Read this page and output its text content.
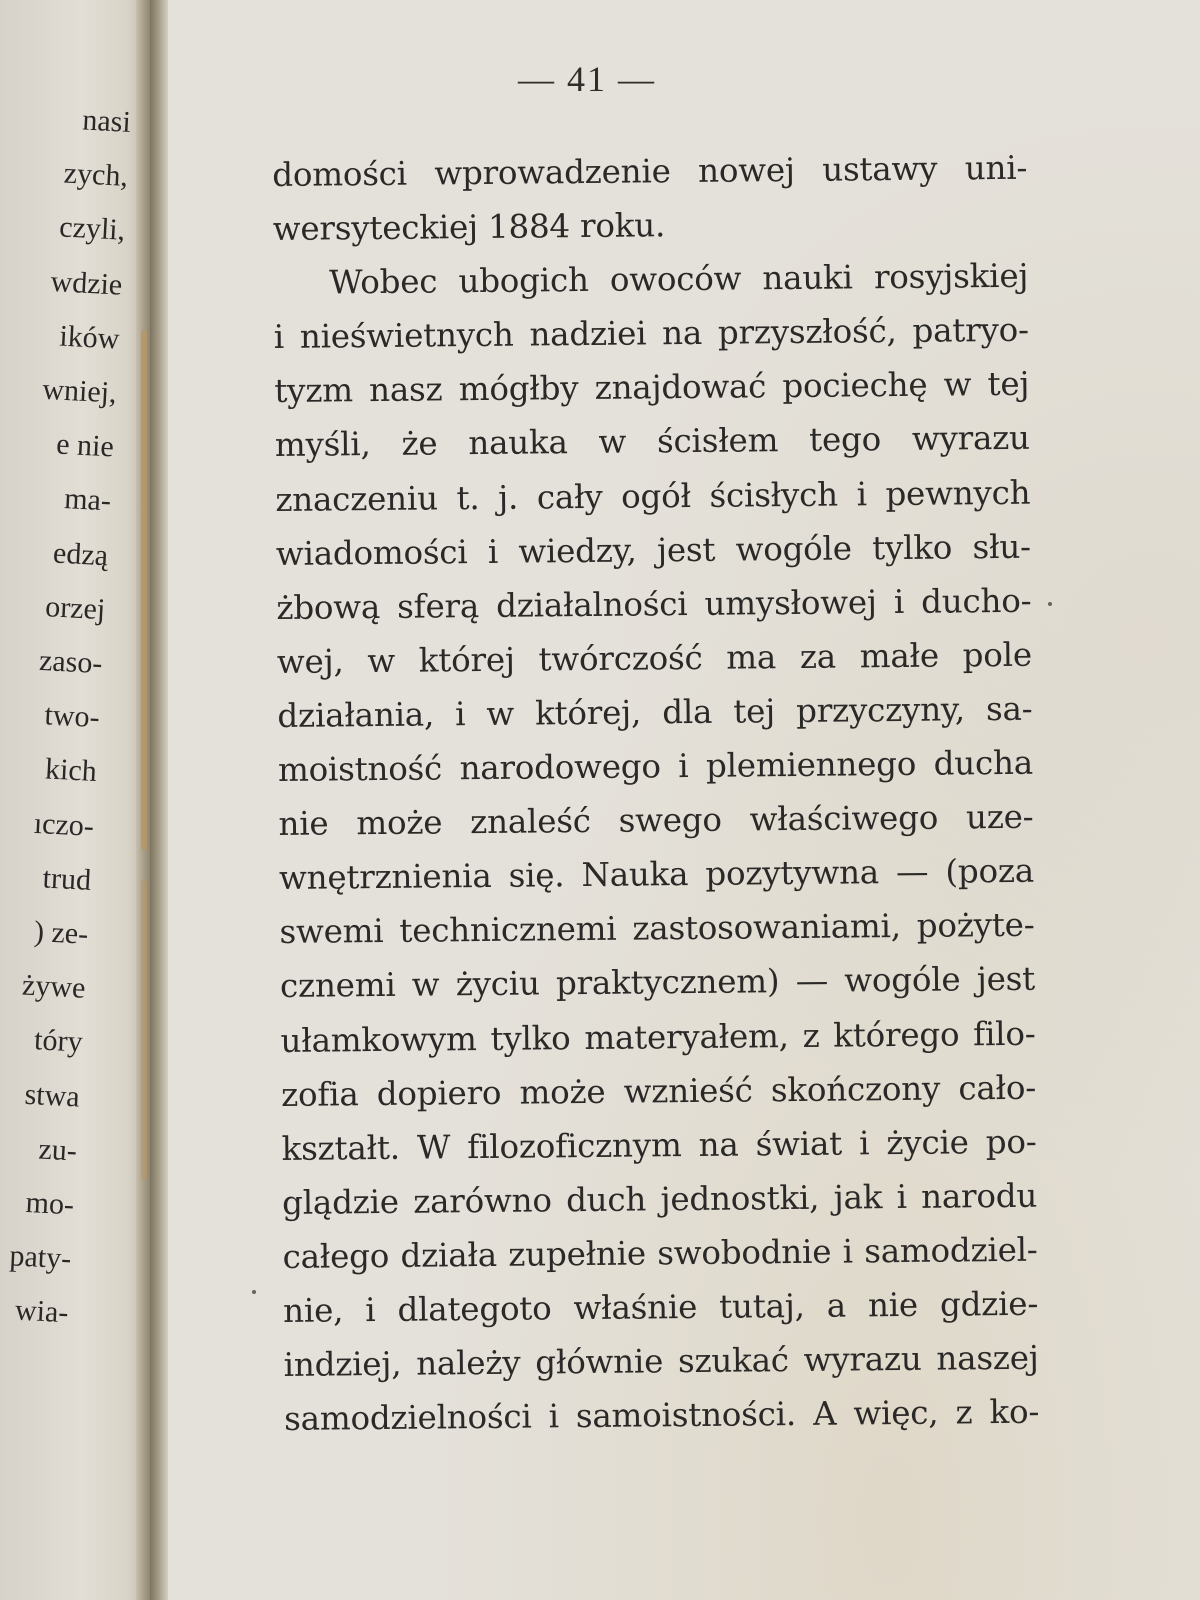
nasi
zych,
czyli,
wdzie
ików
wniej,
e nie
ma-
edzą
orzej
zaso-
twо-
kich
ıczo-
trud
) ze-
żywe
tóry
stwa
zu-
mo-
paty-
wia-
— 41 —
domości wprowadzenie nowej ustawy uni-
wersyteckiej 1884 roku.
Wobec ubogich owoców nauki rosyjskiej
i nieświetnych nadziei na przyszłość, patryo-
tyzm nasz mógłby znajdować pociechę w tej
myśli, że nauka w ścisłem tego wyrazu
znaczeniu t. j. cały ogół ścisłych i pewnych
wiadomości i wiedzy, jest wogóle tylko słu-
żbową sferą działalności umysłowej i ducho-
wej, w której twórczość ma za małe pole
działania, i w której, dla tej przyczyny, sa-
moistność narodowego i plemiennego ducha
nie może znaleść swego właściwego uze-
wnętrznienia się. Nauka pozytywna — (poza
swemi technicznemi zastosowaniami, pożyte-
cznemi w życiu praktycznem) — wogóle jest
ułamkowym tylko materyałem, z którego filo-
zofia dopiero może wznieść skończony cało-
kształt. W filozoficznym na świat i życie po-
glądzie zarówno duch jednostki, jak i narodu
całego działa zupełnie swobodnie i samodziel-
nie, i dlategoto właśnie tutaj, a nie gdzie-
indziej, należy głównie szukać wyrazu naszej
samodzielności i samoistności. A więc, z ko-
